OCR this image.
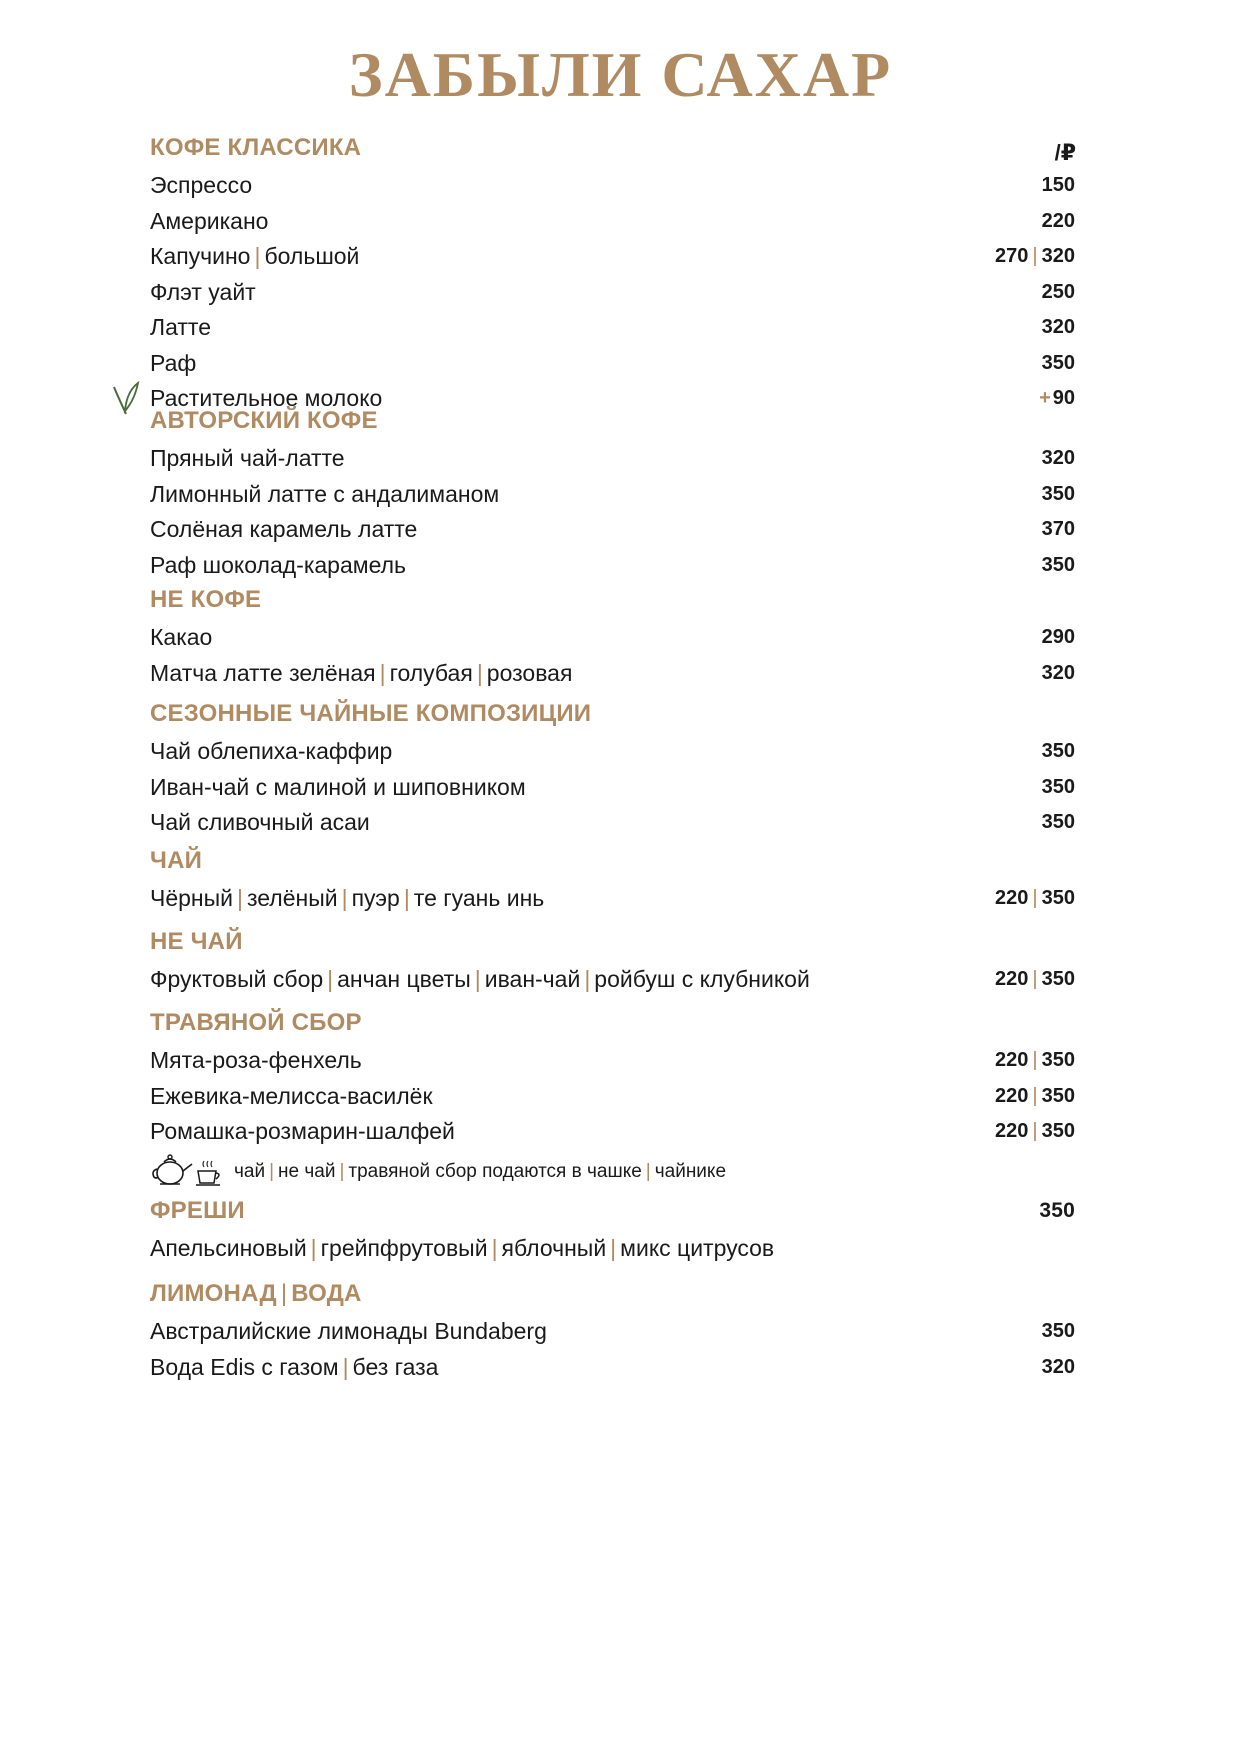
ЗАБЫЛИ САХАР
/₽
КОФЕ КЛАССИКА
Эспрессо	150
Американо	220
Капучино | большой	270 | 320
Флэт уайт	250
Латте	320
Раф	350
Растительное молоко	+ 90
АВТОРСКИЙ КОФЕ
Пряный чай-латте	320
Лимонный латте с андалиманом	350
Солёная карамель латте	370
Раф шоколад-карамель	350
НЕ КОФЕ
Какао	290
Матча латте зелёная | голубая | розовая	320
СЕЗОННЫЕ ЧАЙНЫЕ КОМПОЗИЦИИ
Чай облепиха-каффир	350
Иван-чай с малиной и шиповником	350
Чай сливочный асаи	350
ЧАЙ
Чёрный | зелёный | пуэр | те гуань инь	220 | 350
НЕ ЧАЙ
Фруктовый сбор | анчан цветы | иван-чай | ройбуш с клубникой	220 | 350
ТРАВЯНОЙ СБОР
Мята-роза-фенхель	220 | 350
Ежевика-мелисса-василёк	220 | 350
Ромашка-розмарин-шалфей	220 | 350
чай | не чай | травяной сбор подаются в чашке | чайнике
ФРЕШИ	350
Апельсиновый | грейпфрутовый | яблочный | микс цитрусов
ЛИМОНАД | ВОДА
Австралийские лимонады Bundaberg	350
Вода Edis с газом | без газа	320
